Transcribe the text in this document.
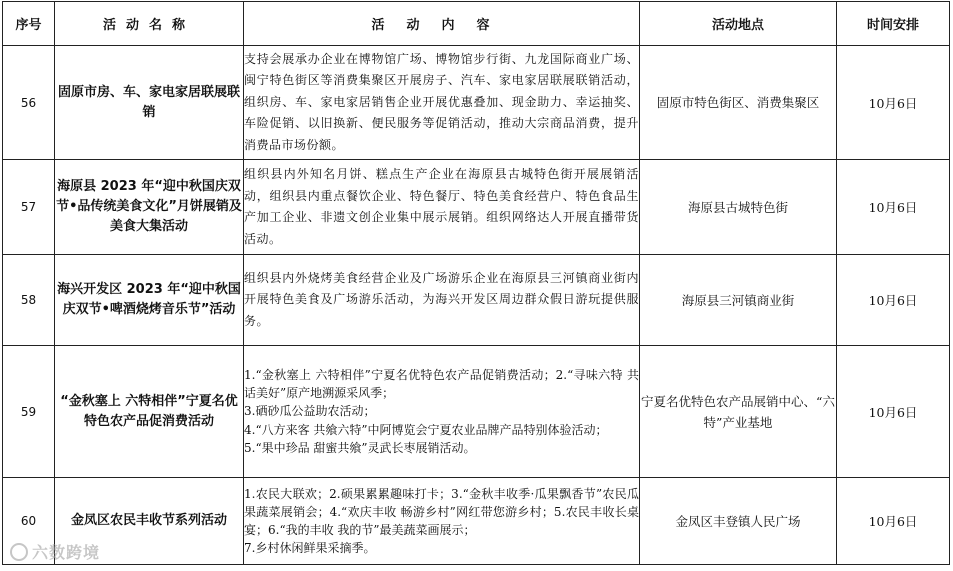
序号	活动名称	活动内容	活动地点	时间安排
56	固原市房、车、家电家居联展联销	支持会展承办企业在博物馆广场、博物馆步行街、九龙国际商业广场、闽宁特色街区等消费集聚区开展房子、汽车、家电家居联展联销活动，组织房、车、家电家居销售企业开展优惠叠加、现金助力、幸运抽奖、车险促销、以旧换新、便民服务等促销活动，推动大宗商品消费，提升消费品市场份额。	固原市特色街区、消费集聚区	10月6日
57	海原县 2023 年“迎中秋国庆双节•品传统美食文化”月饼展销及美食大集活动	组织县内外知名月饼、糕点生产企业在海原县古城特色街开展展销活动，组织县内重点餐饮企业、特色餐厅、特色美食经营户、特色食品生产加工企业、非遗文创企业集中展示展销。组织网络达人开展直播带货活动。	海原县古城特色街	10月6日
58	海兴开发区 2023 年“迎中秋国庆双节•啤酒烧烤音乐节”活动	组织县内外烧烤美食经营企业及广场游乐企业在海原县三河镇商业街内开展特色美食及广场游乐活动，为海兴开发区周边群众假日游玩提供服务。	海原县三河镇商业街	10月6日
59	“金秋塞上 六特相伴”宁夏名优特色农产品促消费活动	1.“金秋塞上 六特相伴”宁夏名优特色农产品促销费活动；2.“寻味六特 共话美好”原产地溯源采风季；
3.硒砂瓜公益助农活动；
4.“八方来客 共飨六特”中阿博览会宁夏农业品牌产品特别体验活动；
5.“果中珍品 甜蜜共飨”灵武长枣展销活动。	宁夏名优特色农产品展销中心、“六特”产业基地	10月6日
60	金凤区农民丰收节系列活动	1.农民大联欢；2.硕果累累趣味打卡；3.“金秋丰收季·瓜果飘香节”农民瓜果蔬菜展销会；4.“欢庆丰收 畅游乡村”网红带您游乡村；5.农民丰收长桌宴；6.“我的丰收 我的节”最美蔬菜画展示；
7.乡村休闲鲜果采摘季。	金凤区丰登镇人民广场	10月6日
六数跨境
